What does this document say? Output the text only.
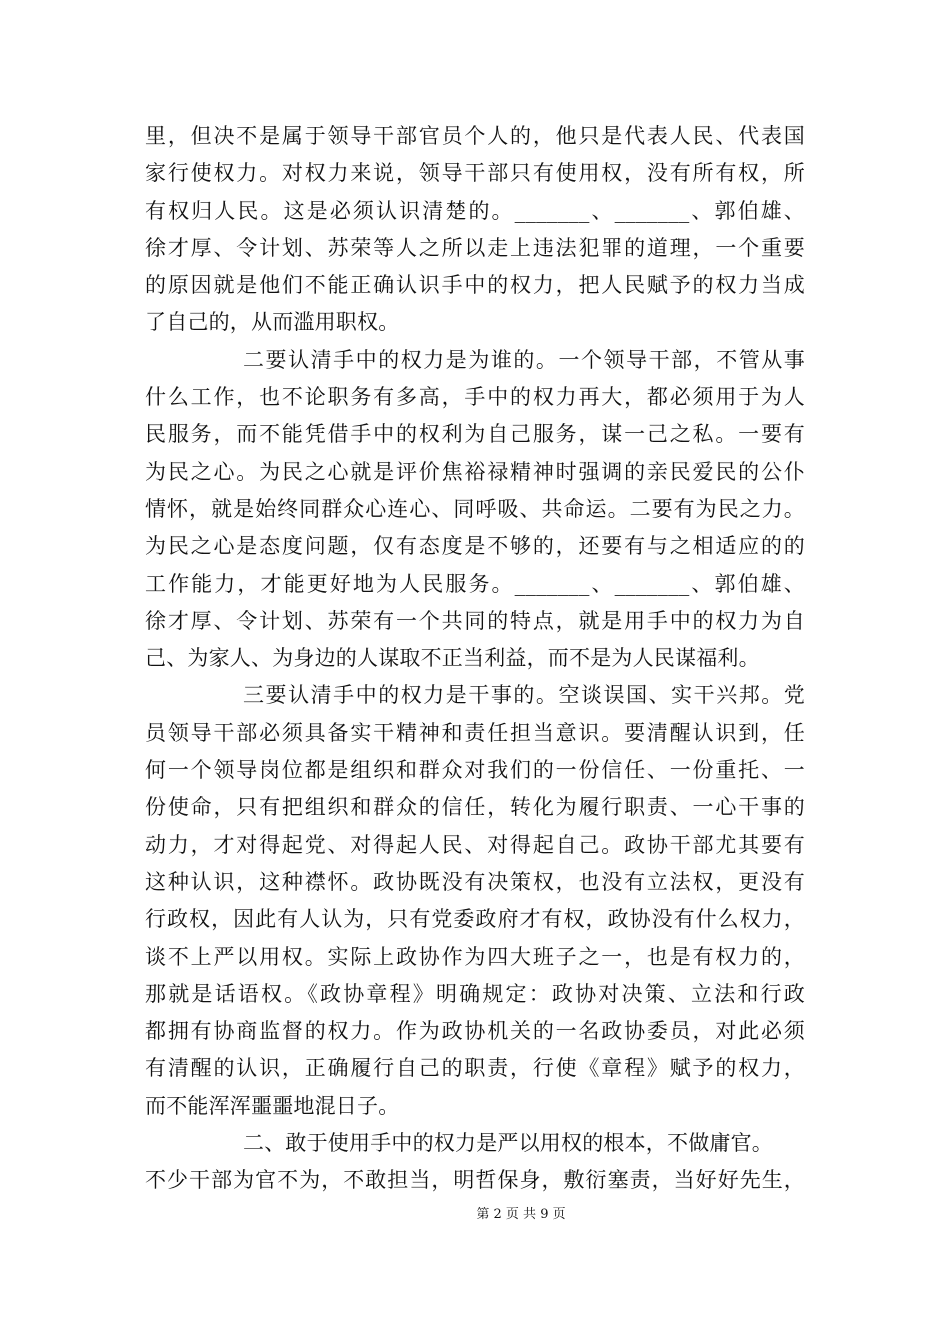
里，但决不是属于领导干部官员个人的，他只是代表人民、代表国
家行使权力。对权力来说，领导干部只有使用权，没有所有权，所
有权归人民。这是必须认识清楚的。_______、_______、郭伯雄、
徐才厚、令计划、苏荣等人之所以走上违法犯罪的道理，一个重要
的原因就是他们不能正确认识手中的权力，把人民赋予的权力当成
了自己的，从而滥用职权。
二要认清手中的权力是为谁的。一个领导干部，不管从事
什么工作，也不论职务有多高，手中的权力再大，都必须用于为人
民服务，而不能凭借手中的权利为自己服务，谋一己之私。一要有
为民之心。为民之心就是评价焦裕禄精神时强调的亲民爱民的公仆
情怀，就是始终同群众心连心、同呼吸、共命运。二要有为民之力。
为民之心是态度问题，仅有态度是不够的，还要有与之相适应的的
工作能力，才能更好地为人民服务。_______、_______、郭伯雄、
徐才厚、令计划、苏荣有一个共同的特点，就是用手中的权力为自
己、为家人、为身边的人谋取不正当利益，而不是为人民谋福利。
三要认清手中的权力是干事的。空谈误国、实干兴邦。党
员领导干部必须具备实干精神和责任担当意识。要清醒认识到，任
何一个领导岗位都是组织和群众对我们的一份信任、一份重托、一
份使命，只有把组织和群众的信任，转化为履行职责、一心干事的
动力，才对得起党、对得起人民、对得起自己。政协干部尤其要有
这种认识，这种襟怀。政协既没有决策权，也没有立法权，更没有
行政权，因此有人认为，只有党委政府才有权，政协没有什么权力，
谈不上严以用权。实际上政协作为四大班子之一，也是有权力的，
那就是话语权。《政协章程》明确规定：政协对决策、立法和行政
都拥有协商监督的权力。作为政协机关的一名政协委员，对此必须
有清醒的认识，正确履行自己的职责，行使《章程》赋予的权力，
而不能浑浑噩噩地混日子。
二、敢于使用手中的权力是严以用权的根本，不做庸官。
不少干部为官不为，不敢担当，明哲保身，敷衍塞责，当好好先生，
第 2 页 共 9 页
